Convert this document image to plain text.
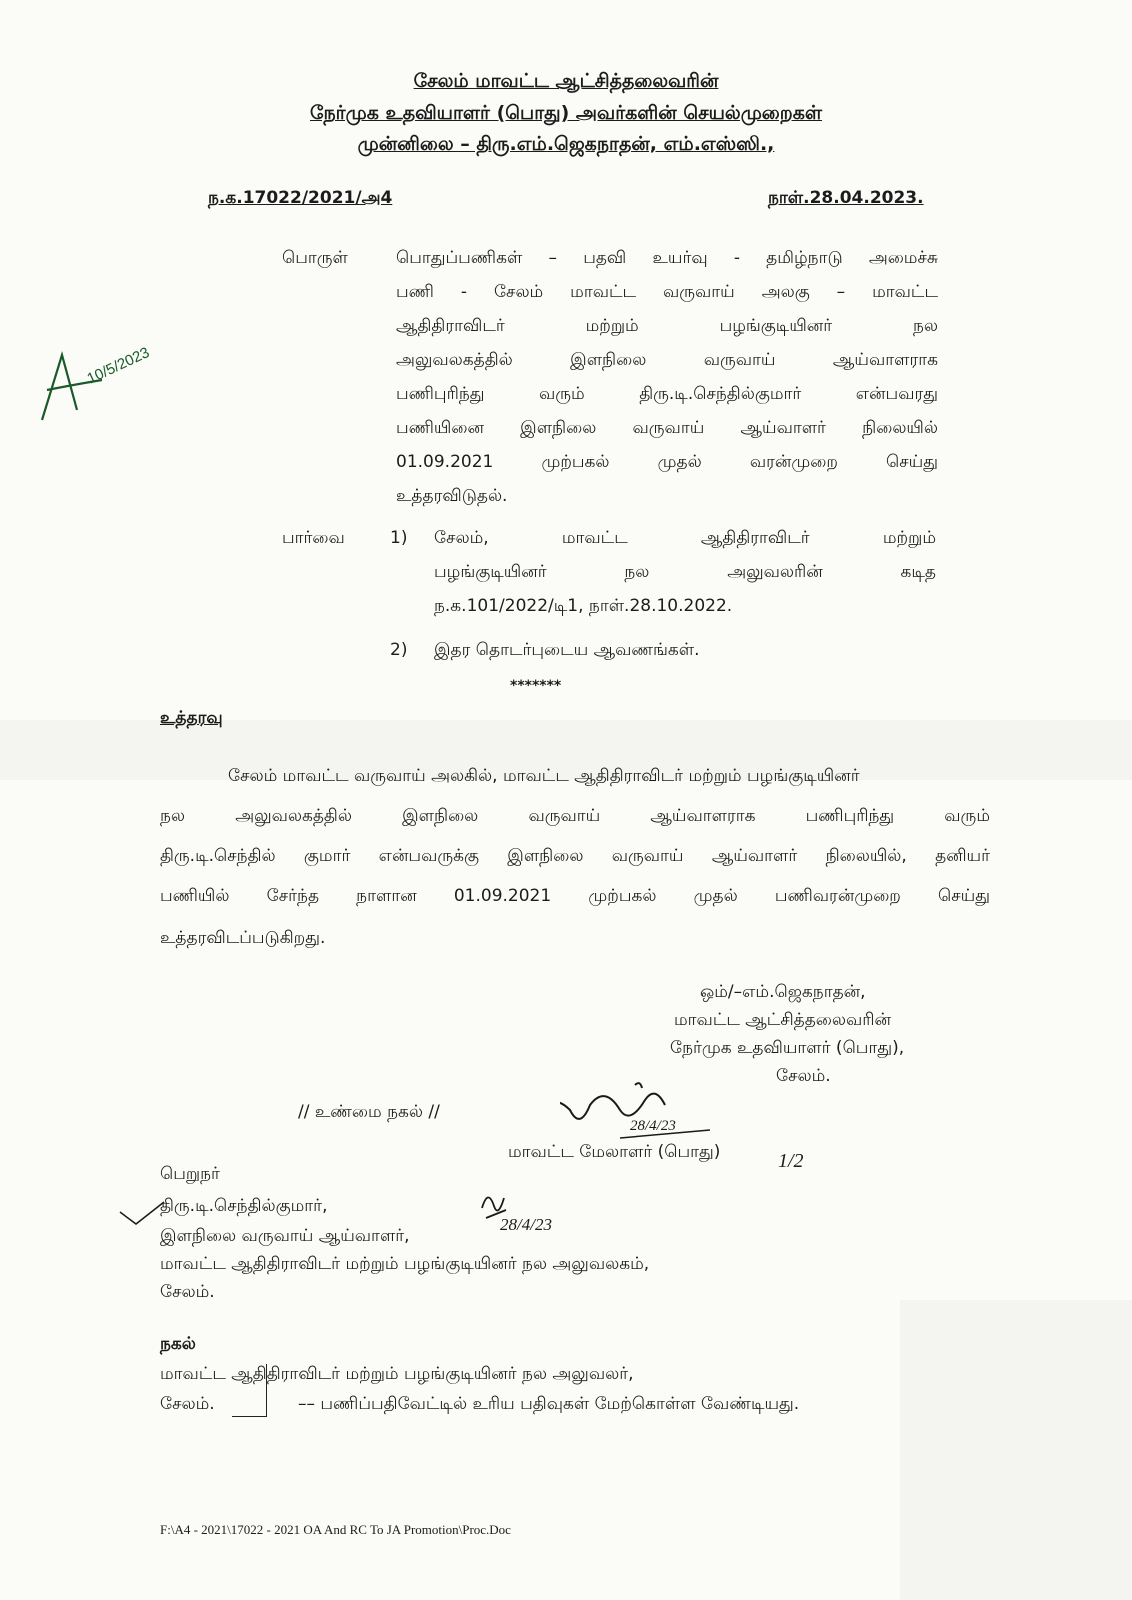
சேலம் மாவட்ட ஆட்சித்தலைவரின்
நேர்முக உதவியாளர் (பொது) அவர்களின் செயல்முறைகள்
முன்னிலை – திரு.எம்.ஜெகநாதன், எம்.எஸ்ஸி.,
ந.க.17022/2021/அ4	நாள்.28.04.2023.
10/5/2023
பொருள்	பொதுப்பணிகள் – பதவி உயர்வு - தமிழ்நாடு அமைச்சு
பணி - சேலம் மாவட்ட வருவாய் அலகு – மாவட்ட
ஆதிதிராவிடர் மற்றும் பழங்குடியினர் நல
அலுவலகத்தில் இளநிலை வருவாய் ஆய்வாளராக
பணிபுரிந்து வரும் திரு.டி.செந்தில்குமார் என்பவரது
பணியினை இளநிலை வருவாய் ஆய்வாளர் நிலையில்
01.09.2021 முற்பகல் முதல் வரன்முறை செய்து
உத்தரவிடுதல்.
பார்வை	1) சேலம், மாவட்ட ஆதிதிராவிடர் மற்றும்
பழங்குடியினர் நல அலுவலரின் கடித
ந.க.101/2022/டி1, நாள்.28.10.2022.
2) இதர தொடர்புடைய ஆவணங்கள்.
*******
உத்தரவு
சேலம் மாவட்ட வருவாய் அலகில், மாவட்ட ஆதிதிராவிடர் மற்றும் பழங்குடியினர்
நல அலுவலகத்தில் இளநிலை வருவாய் ஆய்வாளராக பணிபுரிந்து வரும்
திரு.டி.செந்தில் குமார் என்பவருக்கு இளநிலை வருவாய் ஆய்வாளர் நிலையில், தனியர்
பணியில் சேர்ந்த நாளான 01.09.2021 முற்பகல் முதல் பணிவரன்முறை செய்து
உத்தரவிடப்படுகிறது.
ஒம்/–எம்.ஜெகநாதன்,
மாவட்ட ஆட்சித்தலைவரின்
நேர்முக உதவியாளர் (பொது),
சேலம்.
// உண்மை நகல் //
28/4/23
மாவட்ட மேலாளர் (பொது)	1/2
பெறுநர்
திரு.டி.செந்தில்குமார்,
இளநிலை வருவாய் ஆய்வாளர்,
மாவட்ட ஆதிதிராவிடர் மற்றும் பழங்குடியினர் நல அலுவலகம்,
சேலம்.
28/4/23
நகல்
மாவட்ட ஆதிதிராவிடர் மற்றும் பழங்குடியினர் நல அலுவலர்,
சேலம்.	–– பணிப்பதிவேட்டில் உரிய பதிவுகள் மேற்கொள்ள வேண்டியது.
F:\A4 - 2021\17022 - 2021 OA And RC To JA Promotion\Proc.Doc
